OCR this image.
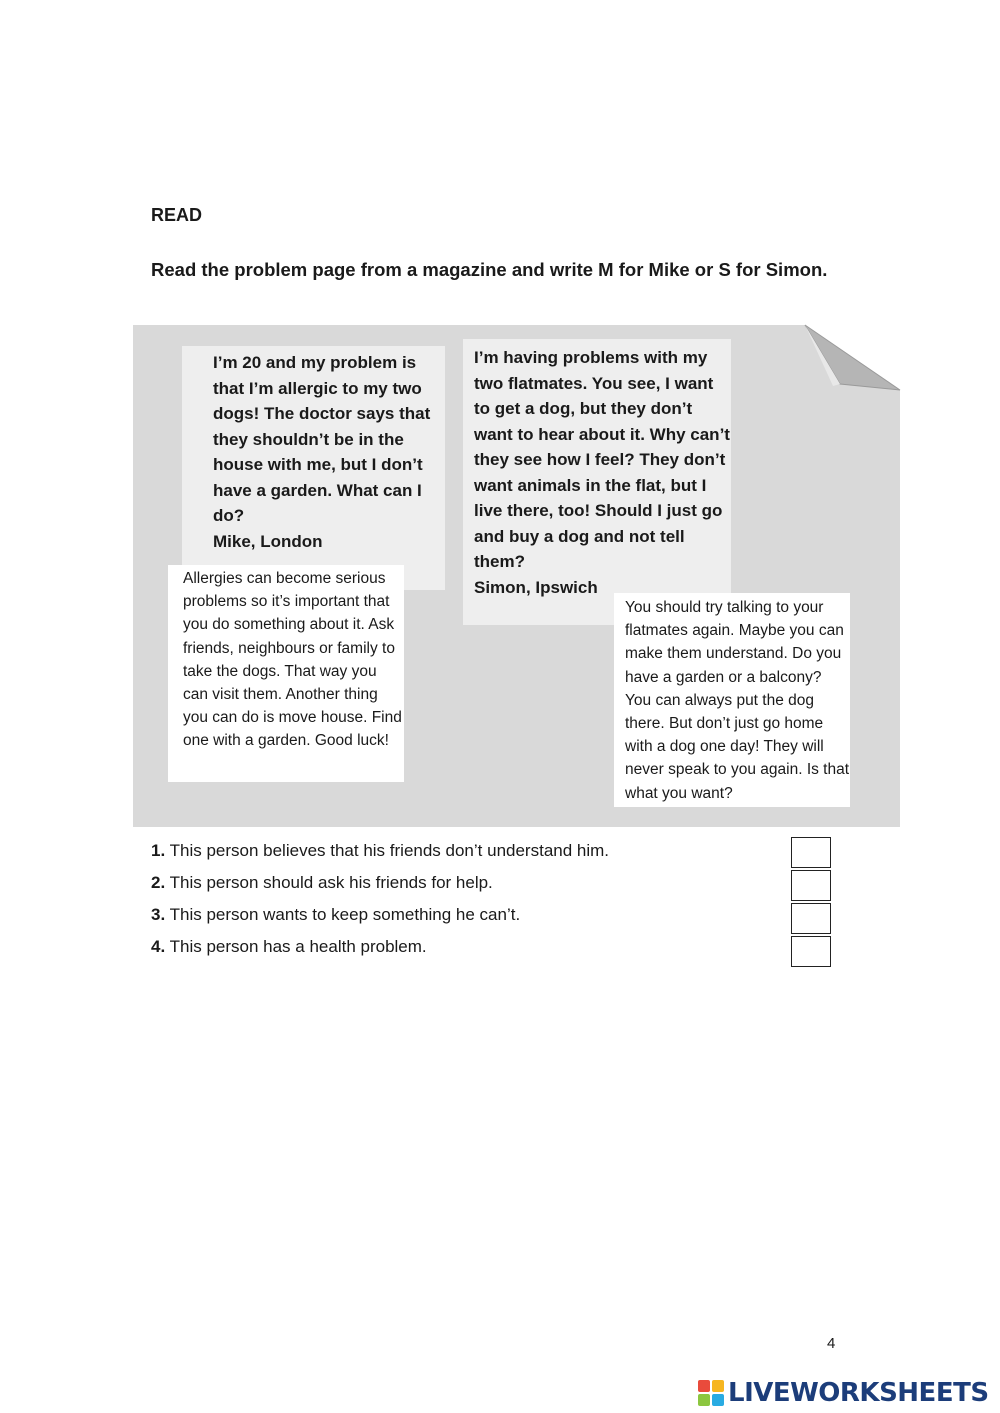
READ
Read the problem page from a magazine and write M for Mike or S for Simon.

I’m 20 and my problem is that I’m allergic to my two dogs! The doctor says that they shouldn’t be in the house with me, but I don’t have a garden. What can I do?

Mike, London

I’m having problems with my two flatmates. You see, I want to get a dog, but they don’t want to hear about it. Why can’t they see how I feel? They don’t want animals in the flat, but I live there, too! Should I just go and buy a dog and not tell them?

Simon, Ipswich

Allergies can become serious problems so it’s important that you do something about it. Ask friends, neighbours or family to take the dogs. That way you can visit them. Another thing you can do is move house. Find one with a garden. Good luck!
You should try talking to your flatmates again. Maybe you can make them understand. Do you have a garden or a balcony? You can always put the dog there. But don’t just go home with a dog one day! They will never speak to you again. Is that what you want?
1. This person believes that his friends don’t understand him.
2. This person should ask his friends for help.
3. This person wants to keep something he can’t.
4. This person has a health problem.
4
LIVEWORKSHEETS
